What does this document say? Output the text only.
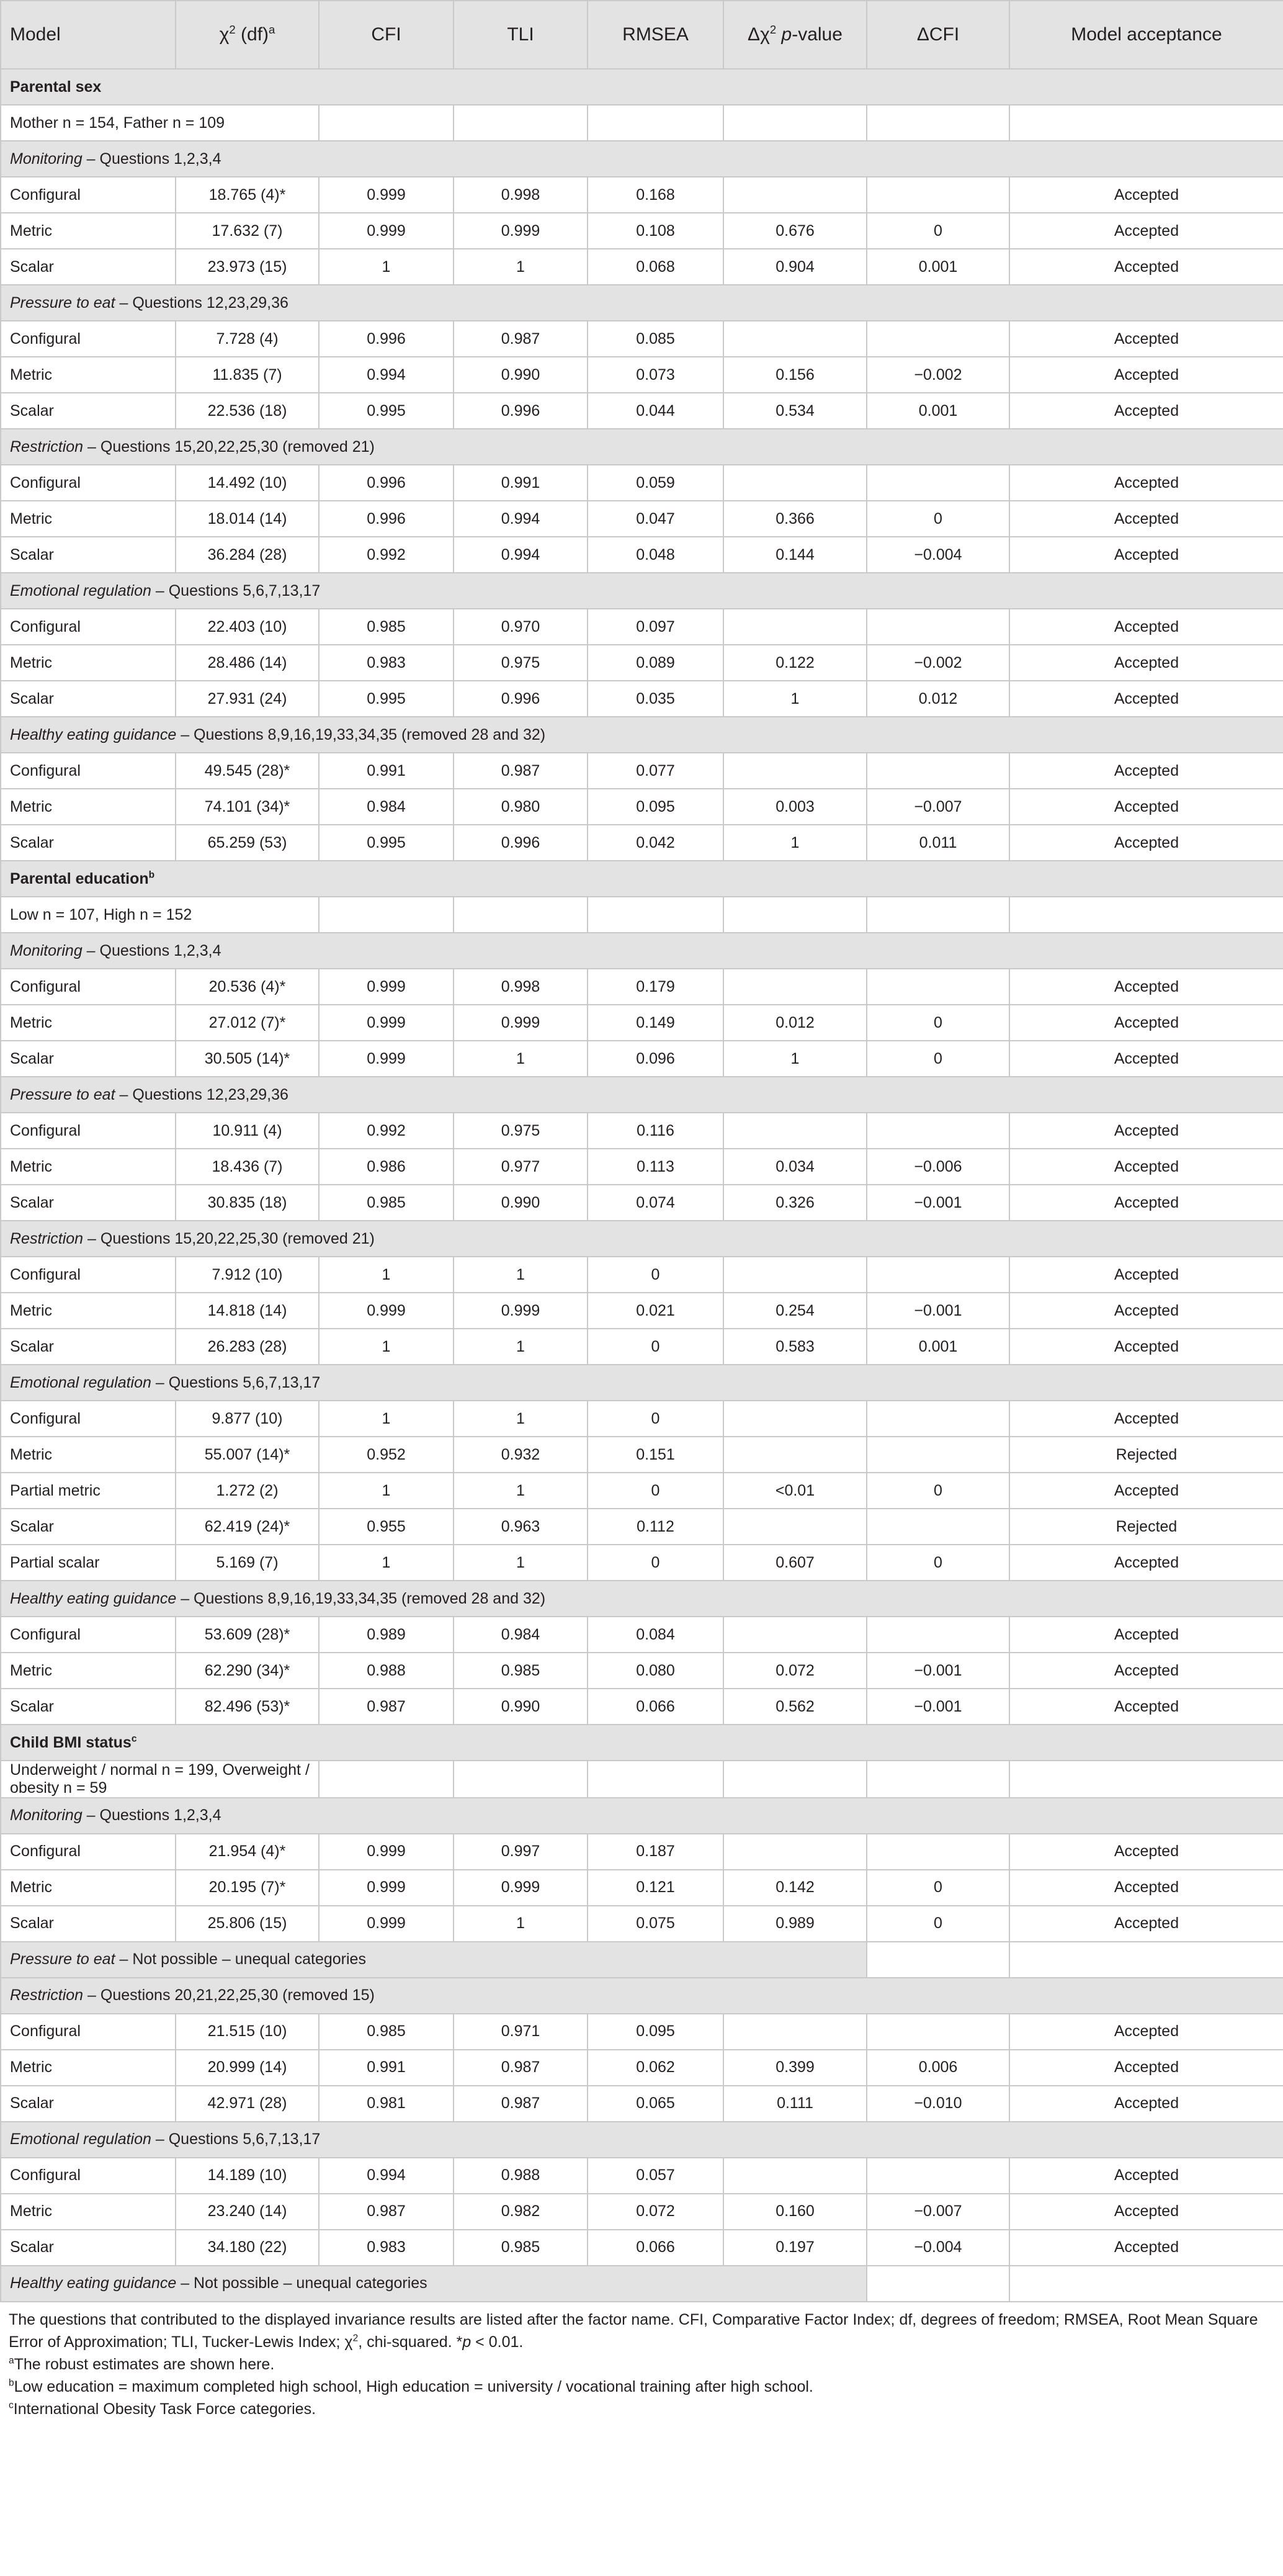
Model	$\chi^2$ (df)$^a$	CFI	TLI	RMSEA	$\Delta\chi^2$ p-value	ΔCFI	Model acceptance
Parental sex							
Mother n = 154, Father n = 109							
Monitoring – Questions 1,2,3,4							
Configural	18.765 (4)*	0.999	0.998	0.168			Accepted
Metric	17.632 (7)	0.999	0.999	0.108	0.676	0	Accepted
Scalar	23.973 (15)	1	1	0.068	0.904	0.001	Accepted
Pressure to eat – Questions 12,23,29,36							
Configural	7.728 (4)	0.996	0.987	0.085			Accepted
Metric	11.835 (7)	0.994	0.990	0.073	0.156	−0.002	Accepted
Scalar	22.536 (18)	0.995	0.996	0.044	0.534	0.001	Accepted
Restriction – Questions 15,20,22,25,30 (removed 21)							
Configural	14.492 (10)	0.996	0.991	0.059			Accepted
Metric	18.014 (14)	0.996	0.994	0.047	0.366	0	Accepted
Scalar	36.284 (28)	0.992	0.994	0.048	0.144	−0.004	Accepted
Emotional regulation – Questions 5,6,7,13,17							
Configural	22.403 (10)	0.985	0.970	0.097			Accepted
Metric	28.486 (14)	0.983	0.975	0.089	0.122	−0.002	Accepted
Scalar	27.931 (24)	0.995	0.996	0.035	1	0.012	Accepted
Healthy eating guidance – Questions 8,9,16,19,33,34,35 (removed 28 and 32)							
Configural	49.545 (28)*	0.991	0.987	0.077			Accepted
Metric	74.101 (34)*	0.984	0.980	0.095	0.003	−0.007	Accepted
Scalar	65.259 (53)	0.995	0.996	0.042	1	0.011	Accepted
Parental education$^b$
Low n = 107, High n = 152							
Monitoring – Questions 1,2,3,4							
Configural	20.536 (4)*	0.999	0.998	0.179			Accepted
Metric	27.012 (7)*	0.999	0.999	0.149	0.012	0	Accepted
Scalar	30.505 (14)*	0.999	1	0.096	1	0	Accepted
Pressure to eat – Questions 12,23,29,36							
Configural	10.911 (4)	0.992	0.975	0.116			Accepted
Metric	18.436 (7)	0.986	0.977	0.113	0.034	−0.006	Accepted
Scalar	30.835 (18)	0.985	0.990	0.074	0.326	−0.001	Accepted
Restriction – Questions 15,20,22,25,30 (removed 21)							
Configural	7.912 (10)	1	1	0			Accepted
Metric	14.818 (14)	0.999	0.999	0.021	0.254	−0.001	Accepted
Scalar	26.283 (28)	1	1	0	0.583	0.001	Accepted
Emotional regulation – Questions 5,6,7,13,17							
Configural	9.877 (10)	1	1	0			Accepted
Metric	55.007 (14)*	0.952	0.932	0.151			Rejected
Partial metric	1.272 (2)	1	1	0	<0.01	0	Accepted
Scalar	62.419 (24)*	0.955	0.963	0.112			Rejected
Partial scalar	5.169 (7)	1	1	0	0.607	0	Accepted
Healthy eating guidance – Questions 8,9,16,19,33,34,35 (removed 28 and 32)							
Configural	53.609 (28)*	0.989	0.984	0.084			Accepted
Metric	62.290 (34)*	0.988	0.985	0.080	0.072	−0.001	Accepted
Scalar	82.496 (53)*	0.987	0.990	0.066	0.562	−0.001	Accepted
Child BMI status$^c$
Underweight / normal n = 199, Overweight / obesity n = 59							
Monitoring – Questions 1,2,3,4							
Configural	21.954 (4)*	0.999	0.997	0.187			Accepted
Metric	20.195 (7)*	0.999	0.999	0.121	0.142	0	Accepted
Scalar	25.806 (15)	0.999	1	0.075	0.989	0	Accepted
Pressure to eat – Not possible – unequal categories							
Restriction – Questions 20,21,22,25,30 (removed 15)							
Configural	21.515 (10)	0.985	0.971	0.095			Accepted
Metric	20.999 (14)	0.991	0.987	0.062	0.399	0.006	Accepted
Scalar	42.971 (28)	0.981	0.987	0.065	0.111	−0.010	Accepted
Emotional regulation – Questions 5,6,7,13,17							
Configural	14.189 (10)	0.994	0.988	0.057			Accepted
Metric	23.240 (14)	0.987	0.982	0.072	0.160	−0.007	Accepted
Scalar	34.180 (22)	0.983	0.985	0.066	0.197	−0.004	Accepted
Healthy eating guidance – Not possible – unequal categories							

The questions that contributed to the displayed invariance results are listed after the factor name. CFI, Comparative Factor Index; df, degrees of freedom; RMSEA, Root Mean Square Error of Approximation; TLI, Tucker-Lewis Index; $\chi^2$, chi-squared. *p < 0.01.

$^a$The robust estimates are shown here.

$^b$Low education = maximum completed high school, High education = university / vocational training after high school.

$^c$International Obesity Task Force categories.
